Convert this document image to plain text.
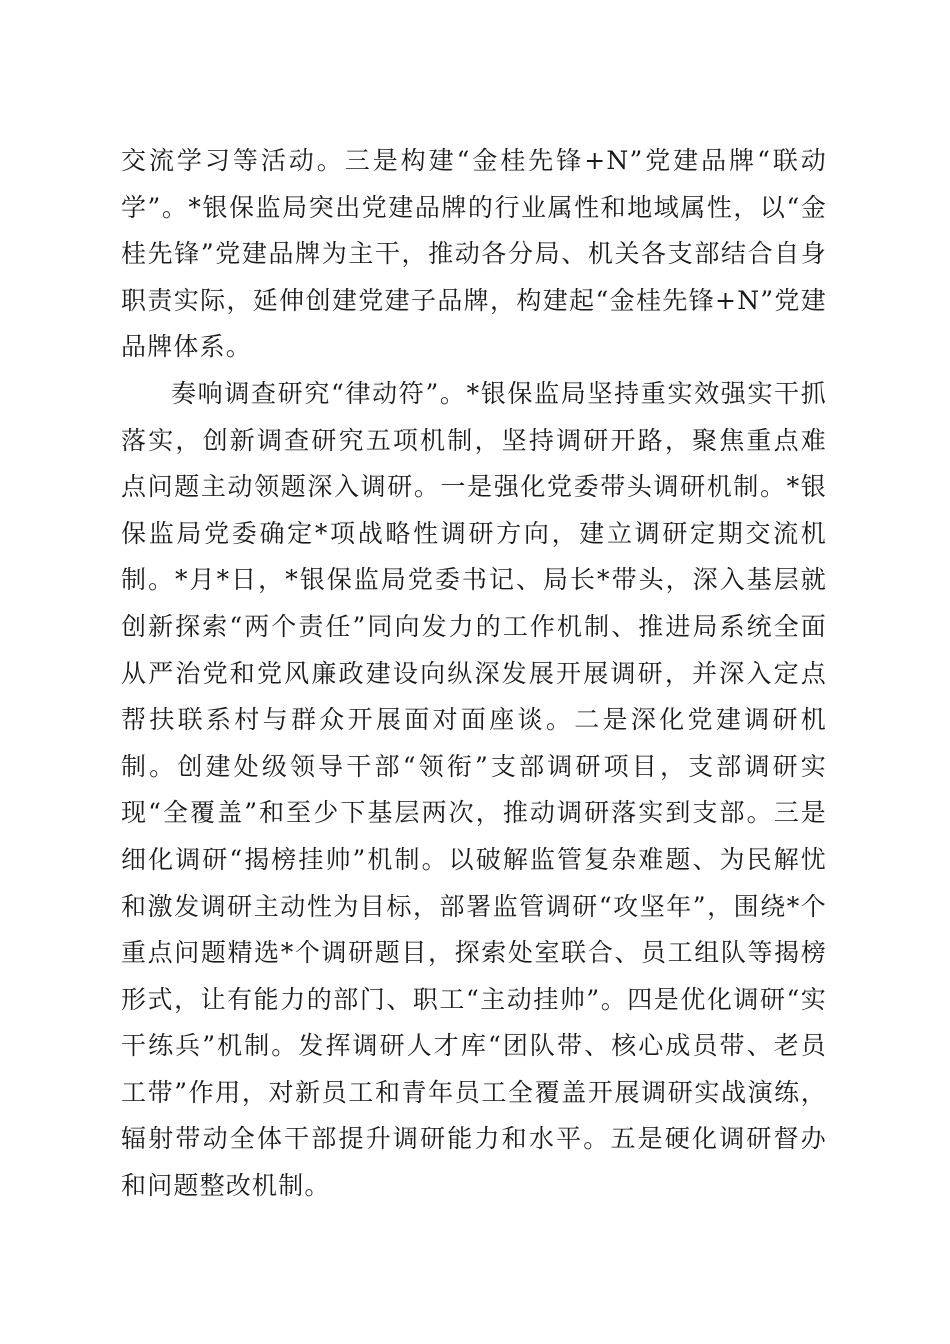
交流学习等活动。三是构建“金桂先锋+N”党建品牌“联动学”。*银保监局突出党建品牌的行业属性和地域属性，以“金桂先锋”党建品牌为主干，推动各分局、机关各支部结合自身职责实际，延伸创建党建子品牌，构建起“金桂先锋+N”党建品牌体系。

奏响调查研究“律动符”。*银保监局坚持重实效强实干抓落实，创新调查研究五项机制，坚持调研开路，聚焦重点难点问题主动领题深入调研。一是强化党委带头调研机制。*银保监局党委确定*项战略性调研方向，建立调研定期交流机制。*月*日，*银保监局党委书记、局长*带头，深入基层就创新探索“两个责任”同向发力的工作机制、推进局系统全面从严治党和党风廉政建设向纵深发展开展调研，并深入定点帮扶联系村与群众开展面对面座谈。二是深化党建调研机制。创建处级领导干部“领衔”支部调研项目，支部调研实现“全覆盖”和至少下基层两次，推动调研落实到支部。三是细化调研“揭榜挂帅”机制。以破解监管复杂难题、为民解忧和激发调研主动性为目标，部署监管调研“攻坚年”，围绕*个重点问题精选*个调研题目，探索处室联合、员工组队等揭榜形式，让有能力的部门、职工“主动挂帅”。四是优化调研“实干练兵”机制。发挥调研人才库“团队带、核心成员带、老员工带”作用，对新员工和青年员工全覆盖开展调研实战演练，辐射带动全体干部提升调研能力和水平。五是硬化调研督办和问题整改机制。
